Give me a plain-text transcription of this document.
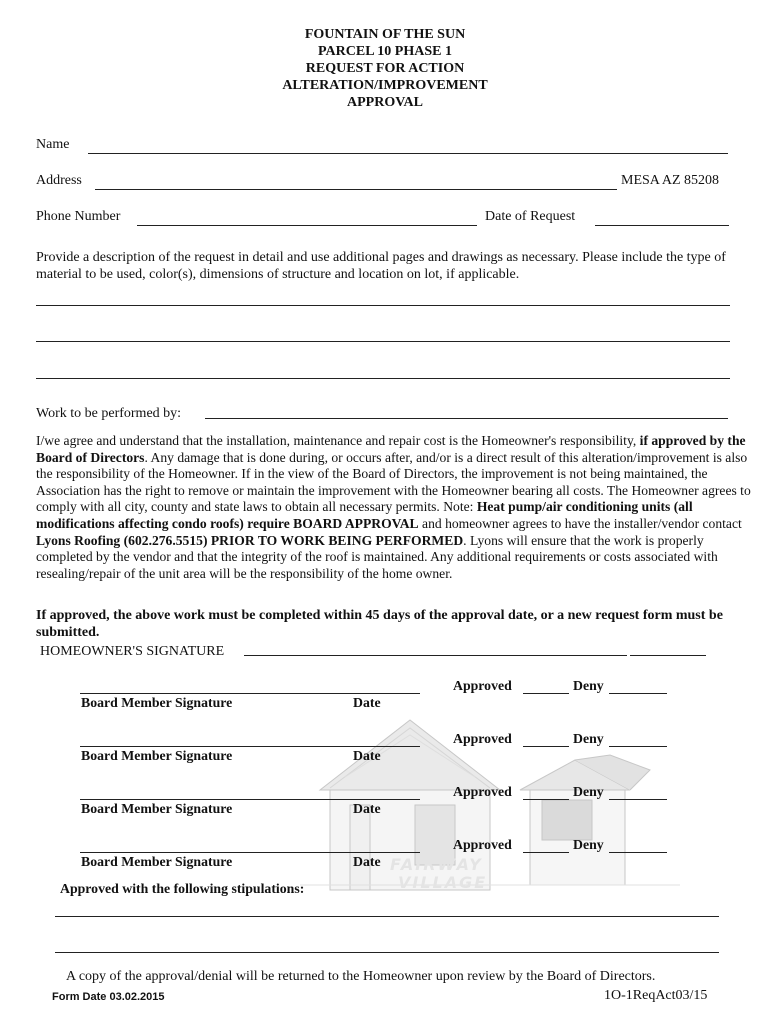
FAIRWAY
VILLAGE
FOUNTAIN OF THE SUN
PARCEL 10 PHASE 1
REQUEST FOR ACTION
ALTERATION/IMPROVEMENT
APPROVAL
Name
Address	MESA AZ 85208
Phone Number	Date of Request
Provide a description of the request in detail and use additional pages and drawings as necessary. Please include the type of material to be used, color(s), dimensions of structure and location on lot, if applicable.
Work to be performed by:
I/we agree and understand that the installation, maintenance and repair cost is the Homeowner's responsibility, if approved by the Board of Directors. Any damage that is done during, or occurs after, and/or is a direct result of this alteration/improvement is also the responsibility of the Homeowner. If in the view of the Board of Directors, the improvement is not being maintained, the Association has the right to remove or maintain the improvement with the Homeowner bearing all costs. The Homeowner agrees to comply with all city, county and state laws to obtain all necessary permits. Note: Heat pump/air conditioning units (all modifications affecting condo roofs) require BOARD APPROVAL and homeowner agrees to have the installer/vendor contact Lyons Roofing (602.276.5515) PRIOR TO WORK BEING PERFORMED. Lyons will ensure that the work is properly completed by the vendor and that the integrity of the roof is maintained. Any additional requirements or costs associated with resealing/repair of the unit area will be the responsibility of the home owner.
If approved, the above work must be completed within 45 days of the approval date, or a new request form must be submitted.
HOMEOWNER'S SIGNATURE
Approved with the following stipulations:
A copy of the approval/denial will be returned to the Homeowner upon review by the Board of Directors.
Form Date 03.02.2015	1O-1ReqAct03/15
Board Member Signature	Date
Approved	Deny
Board Member Signature	Date
Approved	Deny
Board Member Signature	Date
Approved	Deny
Board Member Signature	Date
Approved	Deny
